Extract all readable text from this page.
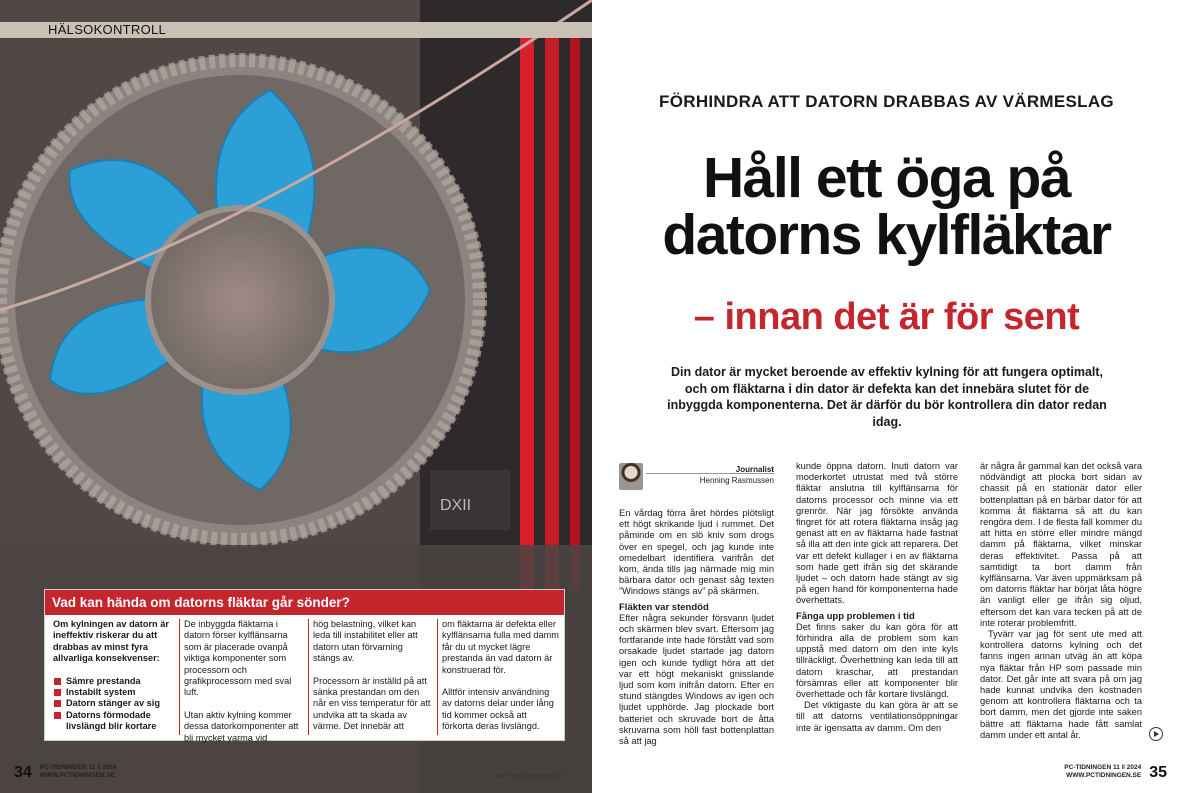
DXII
Vad kan hända om datorns fläktar går sönder?

Om kylningen av datorn är ineffektiv riskerar du att drabbas av minst fyra allvarliga konsekvenser:

Sämre prestanda
Instabilt system
Datorn stänger av sig
Datorns förmodade livslängd blir kortare

De inbyggda fläktarna i datorn förser kylflänsarna som är placerade ovanpå viktiga komponenter som processorn och grafikprocessorn med sval luft.

Utan aktiv kylning kommer dessa datorkomponenter att bli mycket varma vid

hög belastning, vilket kan leda till instabilitet eller att datorn utan förvarning stängs av.

Processorn är inställd på att sänka prestandan om den når en viss temperatur för att undvika att ta skada av värme. Det innebär att

om fläktarna är defekta eller kylflänsarna fulla med damm får du ut mycket lägre prestanda än vad datorn är konstruerad för.

Alltför intensiv användning av datorns delar under lång tid kommer också att förkorta deras livslängd.

34 PC-TIDNINGEN 11 ‖ 2024
WWW.PCTIDNINGEN.SE	Bild: mekeni/Shutterstock.com
HÄLSOKONTROLL
FÖRHINDRA ATT DATORN DRABBAS AV VÄRMESLAG
Håll ett öga på
datorns kylfläktar
– innan det är för sent
Din dator är mycket beroende av effektiv kylning för att fungera optimalt, och om fläktarna i din dator är defekta kan det innebära slutet för de inbyggda komponenterna. Det är därför du bör kontrollera din dator redan idag.
Journalist
Henning Rasmussen

En vårdag förra året hördes plötsligt ett högt skrikande ljud i rummet. Det påminde om en slö kniv som drogs över en spegel, och jag kunde inte omedelbart identifiera varifrån det kom, ända tills jag närmade mig min bärbara dator och genast såg texten ”Windows stängs av” på skärmen.

Fläkten var stendöd

Efter några sekunder försvann ljudet och skärmen blev svart. Eftersom jag fortfarande inte hade förstått vad som orsakade ljudet startade jag datorn igen och kunde tydligt höra att det var ett högt mekaniskt gnisslande ljud som kom inifrån datorn. Efter en stund stängdes Windows av igen och ljudet upphörde. Jag plockade bort batteriet och skruvade bort de åtta skruvarna som höll fast bottenplattan så att jag

kunde öppna datorn. Inuti datorn var moderkortet utrustat med två större fläktar anslutna till kylflänsarna för datorns processor och minne via ett grenrör. När jag försökte använda fingret för att rotera fläktarna insåg jag genast att en av fläktarna hade fastnat så illa att den inte gick att reparera. Det var ett defekt kullager i en av fläktarna som hade gett ifrån sig det skärande ljudet – och datorn hade stängt av sig på egen hand för komponenterna hade överhettats.

Fånga upp problemen i tid

Det finns saker du kan göra för att förhindra alla de problem som kan uppstå med datorn om den inte kyls tillräckligt. Överhettning kan leda till att datorn kraschar, att prestandan försämras eller att komponenter blir överhettade och får kortare livslängd.

Det viktigaste du kan göra är att se till att datorns ventilationsöppningar inte är igensatta av damm. Om den

är några år gammal kan det också vara nödvändigt att plocka bort sidan av chassit på en stationär dator eller bottenplattan på en bärbar dator för att komma åt fläktarna så att du kan rengöra dem. I de flesta fall kommer du att hitta en större eller mindre mängd damm på fläktarna, vilket minskar deras effektivitet. Passa på att samtidigt ta bort damm från kylflänsarna. Var även uppmärksam på om datorns fläktar har börjat låta högre än vanligt eller ge ifrån sig oljud, eftersom det kan vara tecken på att de inte roterar problemfritt.

Tyvärr var jag för sent ute med att kontrollera datorns kylning och det fanns ingen annan utväg än att köpa nya fläktar från HP som passade min dator. Det går inte att svara på om jag hade kunnat undvika den kostnaden genom att kontrollera fläktarna och ta bort damm, men det gjorde inte saken bättre att fläktarna hade fått samlat damm under ett antal år.

PC-TIDNINGEN 11 ‖ 2024
WWW.PCTIDNINGEN.SE 35
